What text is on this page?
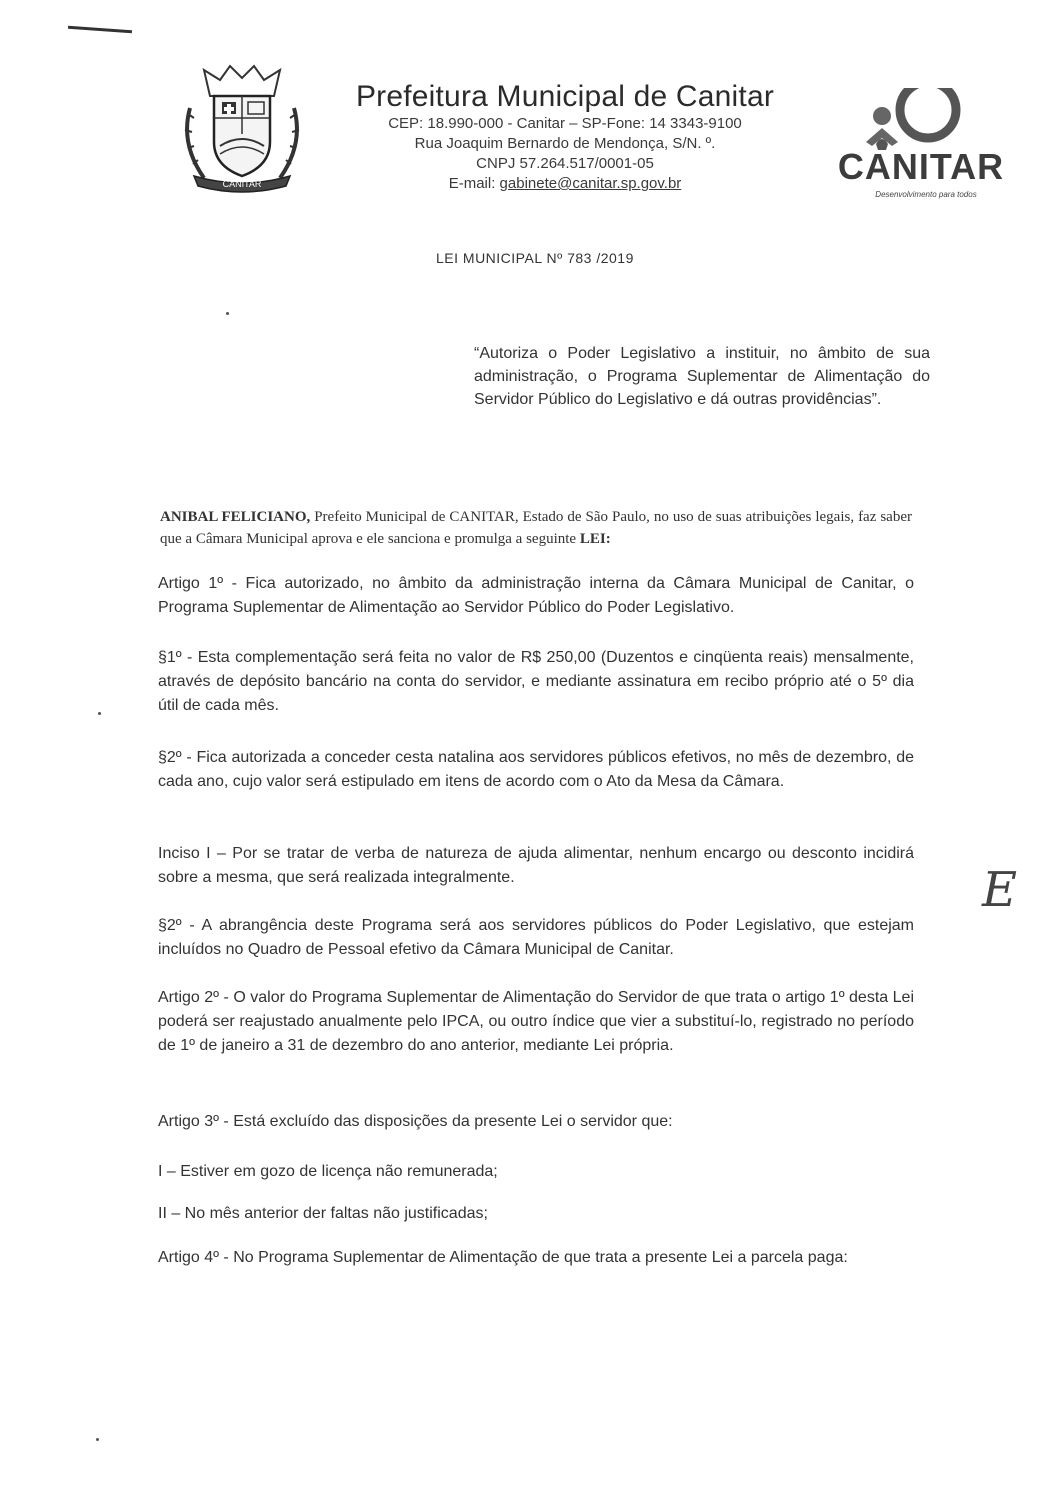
CANITAR
Prefeitura Municipal de Canitar
CEP: 18.990-000 - Canitar – SP-Fone: 14 3343-9100
Rua Joaquim Bernardo de Mendonça, S/N. º.
CNPJ 57.264.517/0001-05
E-mail: gabinete@canitar.sp.gov.br	CANITAR
Desenvolvimento para todos
LEI MUNICIPAL Nº 783 /2019
“Autoriza o Poder Legislativo a instituir, no âmbito de sua administração, o Programa Suplementar de Alimentação do Servidor Público do Legislativo e dá outras providências”.
ANIBAL FELICIANO, Prefeito Municipal de CANITAR, Estado de São Paulo, no uso de suas atribuições legais, faz saber que a Câmara Municipal aprova e ele sanciona e promulga a seguinte LEI:
Artigo 1º - Fica autorizado, no âmbito da administração interna da Câmara Municipal de Canitar, o Programa Suplementar de Alimentação ao Servidor Público do Poder Legislativo.
§1º - Esta complementação será feita no valor de R$ 250,00 (Duzentos e cinqüenta reais) mensalmente, através de depósito bancário na conta do servidor, e mediante assinatura em recibo próprio até o 5º dia útil de cada mês.
§2º - Fica autorizada a conceder cesta natalina aos servidores públicos efetivos, no mês de dezembro, de cada ano, cujo valor será estipulado em itens de acordo com o Ato da Mesa da Câmara.
Inciso I – Por se tratar de verba de natureza de ajuda alimentar, nenhum encargo ou desconto incidirá sobre a mesma, que será realizada integralmente.
§2º - A abrangência deste Programa será aos servidores públicos do Poder Legislativo, que estejam incluídos no Quadro de Pessoal efetivo da Câmara Municipal de Canitar.
Artigo 2º - O valor do Programa Suplementar de Alimentação do Servidor de que trata o artigo 1º desta Lei poderá ser reajustado anualmente pelo IPCA, ou outro índice que vier a substituí-lo, registrado no período de 1º de janeiro a 31 de dezembro do ano anterior, mediante Lei própria.
Artigo 3º - Está excluído das disposições da presente Lei o servidor que:
I – Estiver em gozo de licença não remunerada;
II – No mês anterior der faltas não justificadas;
Artigo 4º - No Programa Suplementar de Alimentação de que trata a presente Lei a parcela paga:
E
